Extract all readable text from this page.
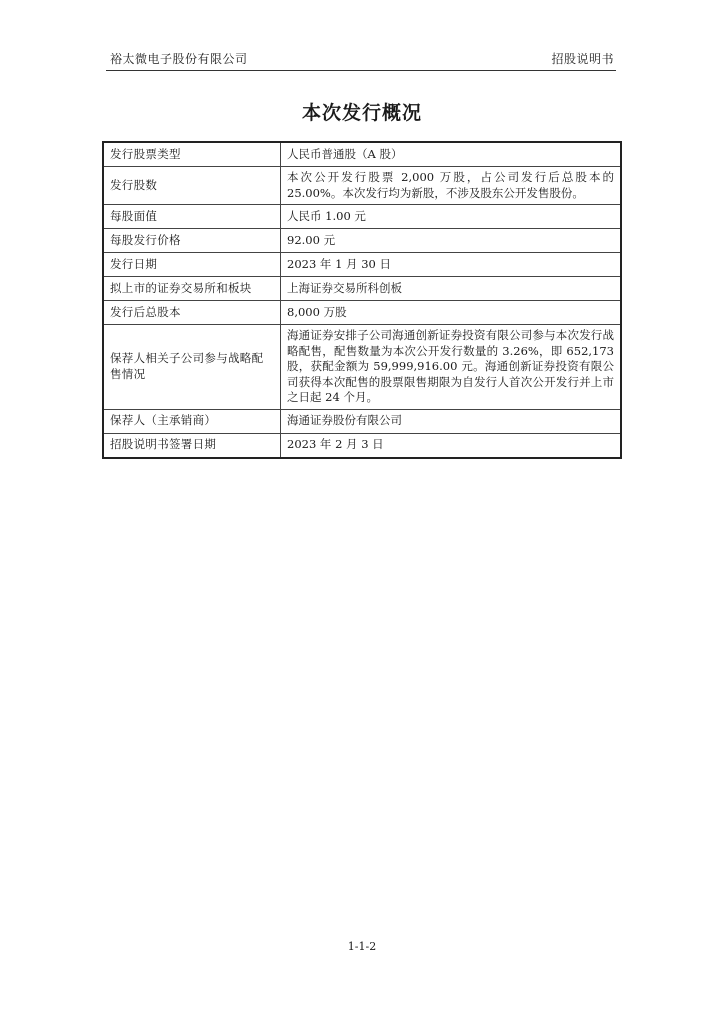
裕太微电子股份有限公司	招股说明书
本次发行概况
发行股票类型	人民币普通股（A 股）
发行股数	本次公开发行股票 2,000 万股，占公司发行后总股本的 25.00%。本次发行均为新股，不涉及股东公开发售股份。
每股面值	人民币 1.00 元
每股发行价格	92.00 元
发行日期	2023 年 1 月 30 日
拟上市的证券交易所和板块	上海证券交易所科创板
发行后总股本	8,000 万股
保荐人相关子公司参与战略配售情况	海通证券安排子公司海通创新证券投资有限公司参与本次发行战略配售，配售数量为本次公开发行数量的 3.26%，即 652,173 股，获配金额为 59,999,916.00 元。海通创新证券投资有限公司获得本次配售的股票限售期限为自发行人首次公开发行并上市之日起 24 个月。
保荐人（主承销商）	海通证券股份有限公司
招股说明书签署日期	2023 年 2 月 3 日
1-1-2
